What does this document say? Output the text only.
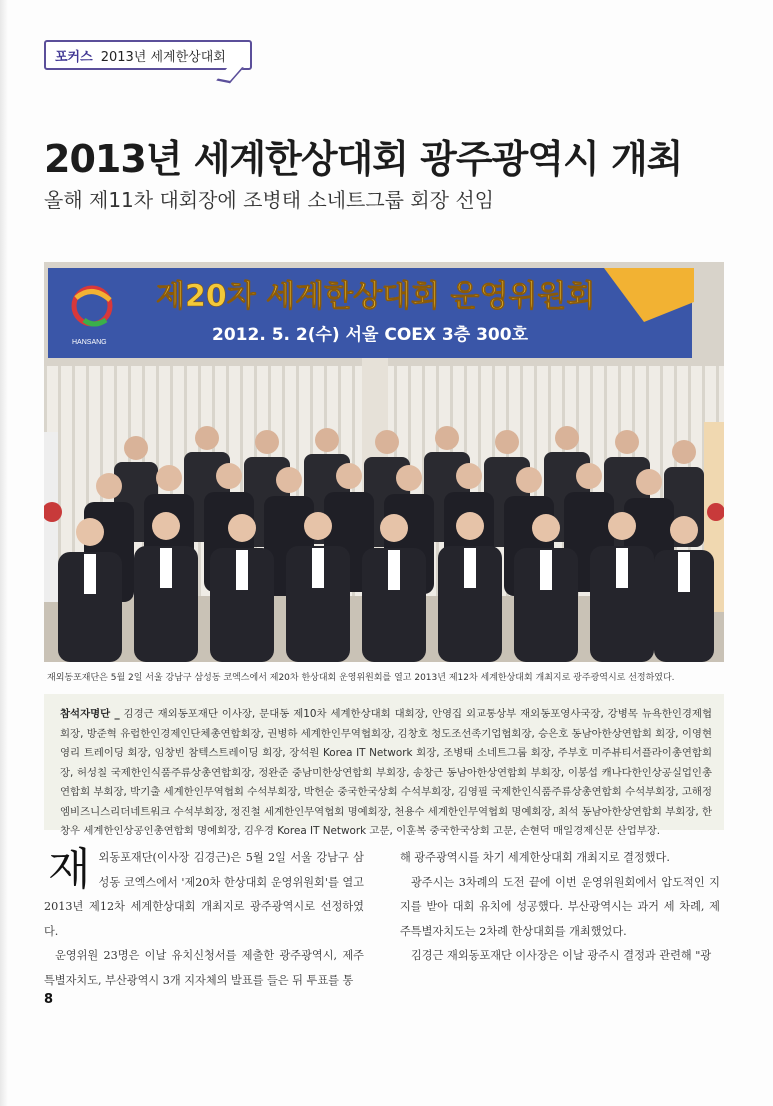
포커스 2013년 세계한상대회
2013년 세계한상대회 광주광역시 개최
올해 제11차 대회장에 조병태 소네트그룹 회장 선임
HANSANG
제20차 세계한상대회 운영위원회
2012. 5. 2(수) 서울 COEX 3층 300호
재외동포재단은 5월 2일 서울 강남구 삼성동 코엑스에서 제20차 한상대회 운영위원회를 열고 2013년 제12차 세계한상대회 개최지로 광주광역시로 선정하였다.
참석자명단 _ 김경근 재외동포재단 이사장, 문대동 제10차 세계한상대회 대회장, 안영집 외교통상부 재외동포영사국장, 강병목 뉴욕한인경제협회장, 방준혁 유럽한인경제인단체총연합회장, 권병하 세계한인무역협회장, 김창호 청도조선족기업협회장, 승은호 동남아한상연합회 회장, 이영현 영리 트레이딩 회장, 임창빈 참텍스트레이딩 회장, 장석원 Korea IT Network 회장, 조병태 소네트그룹 회장, 주부호 미주뷰티서플라이총연합회장, 허성칠 국제한인식품주류상총연합회장, 정완준 중남미한상연합회 부회장, 송창근 동남아한상연합회 부회장, 이봉섭 캐나다한인상공실업인총연합회 부회장, 박기출 세계한인무역협회 수석부회장, 박헌순 중국한국상회 수석부회장, 김영필 국제한인식품주류상총연합회 수석부회장, 고해정 엠비즈니스리더네트워크 수석부회장, 정진철 세계한인무역협회 명예회장, 천용수 세계한인무역협회 명예회장, 최석 동남아한상연합회 부회장, 한창우 세계한인상공인총연합회 명예회장, 김우경 Korea IT Network 고문, 이훈복 중국한국상회 고문, 손현덕 매일경제신문 산업부장.
재 외동포재단(이사장 김경근)은 5월 2일 서울 강남구 삼성동 코엑스에서 '제20차 한상대회 운영위원회'를 열고 2013년 제12차 세계한상대회 개최지로 광주광역시로 선정하였다.

운영위원 23명은 이날 유치신청서를 제출한 광주광역시, 제주특별자치도, 부산광역시 3개 지자체의 발표를 들은 뒤 투표를 통

해 광주광역시를 차기 세계한상대회 개최지로 결정했다.

광주시는 3차례의 도전 끝에 이번 운영위원회에서 압도적인 지지를 받아 대회 유치에 성공했다. 부산광역시는 과거 세 차례, 제주특별자치도는 2차례 한상대회를 개최했었다.

김경근 재외동포재단 이사장은 이날 광주시 결정과 관련해 "광

8
